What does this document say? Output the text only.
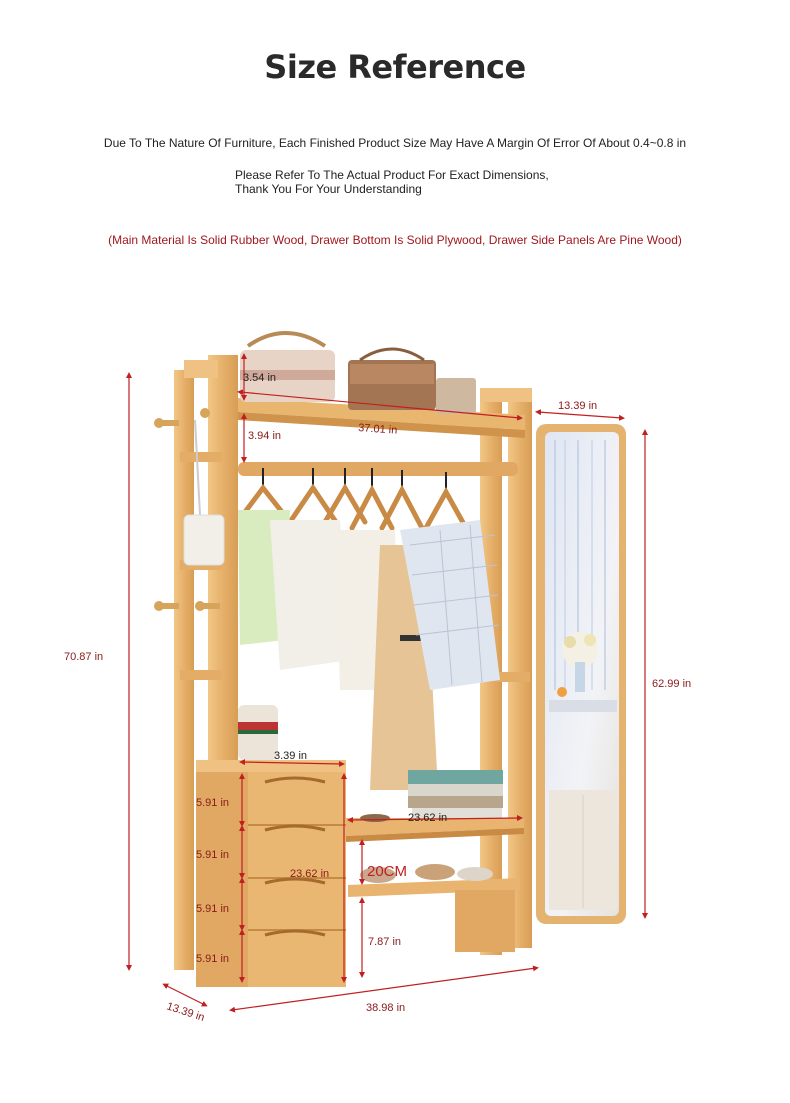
Size Reference
Due To The Nature Of Furniture, Each Finished Product Size May Have A Margin Of Error Of About 0.4~0.8 in
Please Refer To The Actual Product For Exact Dimensions,
Thank You For Your Understanding
(Main Material Is Solid Rubber Wood, Drawer Bottom Is Solid Plywood, Drawer Side Panels Are Pine Wood)
3.54 in
37.01 in
3.94 in
13.39 in
70.87 in
62.99 in
3.39 in
5.91 in
5.91 in
5.91 in
5.91 in
23.62 in
23.62 in	20CM
7.87 in
13.39 in	38.98 in
